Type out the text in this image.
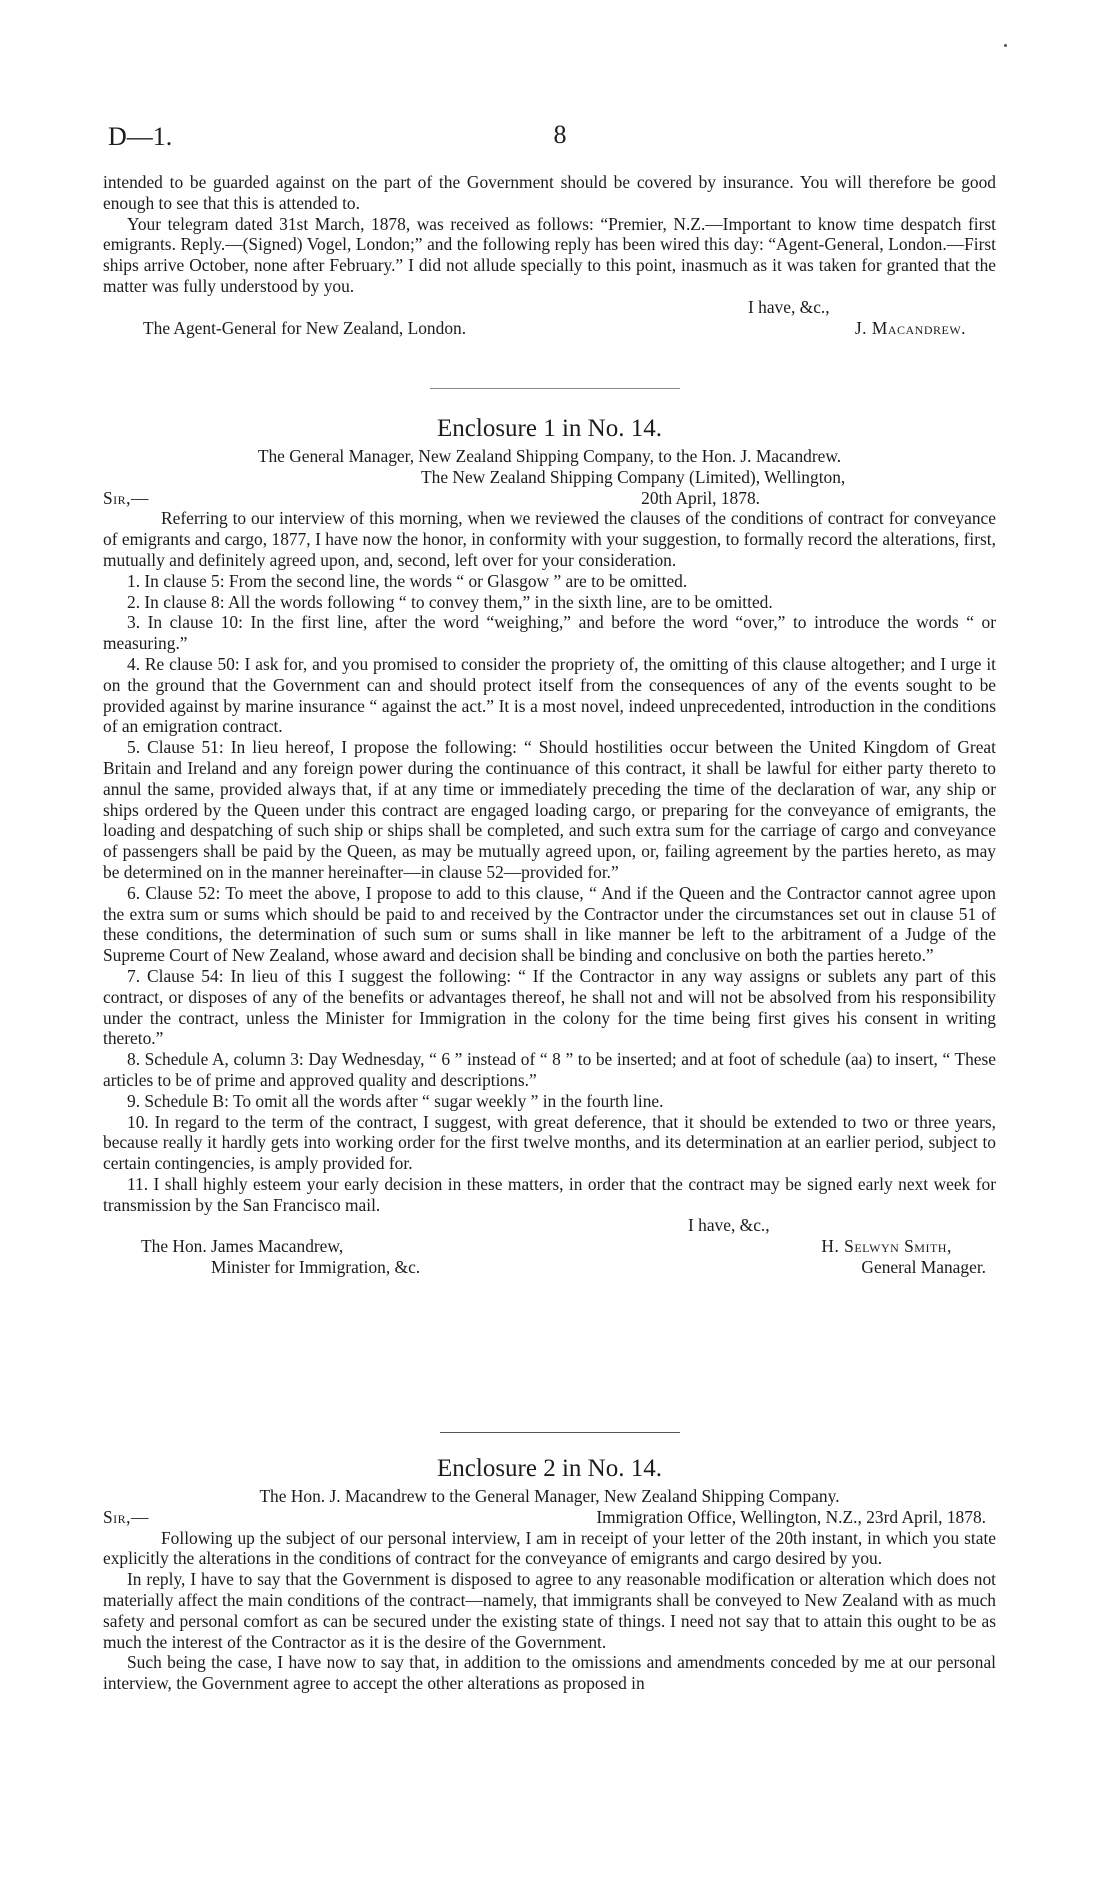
D—1.	8

intended to be guarded against on the part of the Government should be covered by insurance. You will therefore be good enough to see that this is attended to.

Your telegram dated 31st March, 1878, was received as follows: “Premier, N.Z.—Important to know time despatch first emigrants. Reply.—(Signed) Vogel, London;” and the following reply has been wired this day: “Agent-General, London.—First ships arrive October, none after February.” I did not allude specially to this point, inasmuch as it was taken for granted that the matter was fully understood by you.

I have, &c.,
The Agent-General for New Zealand, London.	J. Macandrew.
Enclosure 1 in No. 14.
The General Manager, New Zealand Shipping Company, to the Hon. J. Macandrew.
The New Zealand Shipping Company (Limited), Wellington,
Sir,—	20th April, 1878.

Referring to our interview of this morning, when we reviewed the clauses of the conditions of contract for conveyance of emigrants and cargo, 1877, I have now the honor, in conformity with your suggestion, to formally record the alterations, first, mutually and definitely agreed upon, and, second, left over for your consideration.

1. In clause 5: From the second line, the words “ or Glasgow ” are to be omitted.

2. In clause 8: All the words following “ to convey them,” in the sixth line, are to be omitted.

3. In clause 10: In the first line, after the word “weighing,” and before the word “over,” to introduce the words “ or measuring.”

4. Re clause 50: I ask for, and you promised to consider the propriety of, the omitting of this clause altogether; and I urge it on the ground that the Government can and should protect itself from the consequences of any of the events sought to be provided against by marine insurance “ against the act.” It is a most novel, indeed unprecedented, introduction in the conditions of an emigration contract.

5. Clause 51: In lieu hereof, I propose the following: “ Should hostilities occur between the United Kingdom of Great Britain and Ireland and any foreign power during the continuance of this contract, it shall be lawful for either party thereto to annul the same, provided always that, if at any time or immediately preceding the time of the declaration of war, any ship or ships ordered by the Queen under this contract are engaged loading cargo, or preparing for the conveyance of emigrants, the loading and despatching of such ship or ships shall be completed, and such extra sum for the carriage of cargo and conveyance of passengers shall be paid by the Queen, as may be mutually agreed upon, or, failing agreement by the parties hereto, as may be determined on in the manner hereinafter—in clause 52—provided for.”

6. Clause 52: To meet the above, I propose to add to this clause, “ And if the Queen and the Contractor cannot agree upon the extra sum or sums which should be paid to and received by the Contractor under the circumstances set out in clause 51 of these conditions, the determination of such sum or sums shall in like manner be left to the arbitrament of a Judge of the Supreme Court of New Zealand, whose award and decision shall be binding and conclusive on both the parties hereto.”

7. Clause 54: In lieu of this I suggest the following: “ If the Contractor in any way assigns or sublets any part of this contract, or disposes of any of the benefits or advantages thereof, he shall not and will not be absolved from his responsibility under the contract, unless the Minister for Immigration in the colony for the time being first gives his consent in writing thereto.”

8. Schedule A, column 3: Day Wednesday, “ 6 ” instead of “ 8 ” to be inserted; and at foot of schedule (aa) to insert, “ These articles to be of prime and approved quality and descriptions.”

9. Schedule B: To omit all the words after “ sugar weekly ” in the fourth line.

10. In regard to the term of the contract, I suggest, with great deference, that it should be extended to two or three years, because really it hardly gets into working order for the first twelve months, and its determination at an earlier period, subject to certain contingencies, is amply provided for.

11. I shall highly esteem your early decision in these matters, in order that the contract may be signed early next week for transmission by the San Francisco mail.

I have, &c.,
The Hon. James Macandrew,
Minister for Immigration, &c.
H. Selwyn Smith,
General Manager.
Enclosure 2 in No. 14.
The Hon. J. Macandrew to the General Manager, New Zealand Shipping Company.
Sir,—	Immigration Office, Wellington, N.Z., 23rd April, 1878.

Following up the subject of our personal interview, I am in receipt of your letter of the 20th instant, in which you state explicitly the alterations in the conditions of contract for the conveyance of emigrants and cargo desired by you.

In reply, I have to say that the Government is disposed to agree to any reasonable modification or alteration which does not materially affect the main conditions of the contract—namely, that immigrants shall be conveyed to New Zealand with as much safety and personal comfort as can be secured under the existing state of things. I need not say that to attain this ought to be as much the interest of the Contractor as it is the desire of the Government.

Such being the case, I have now to say that, in addition to the omissions and amendments conceded by me at our personal interview, the Government agree to accept the other alterations as proposed in
